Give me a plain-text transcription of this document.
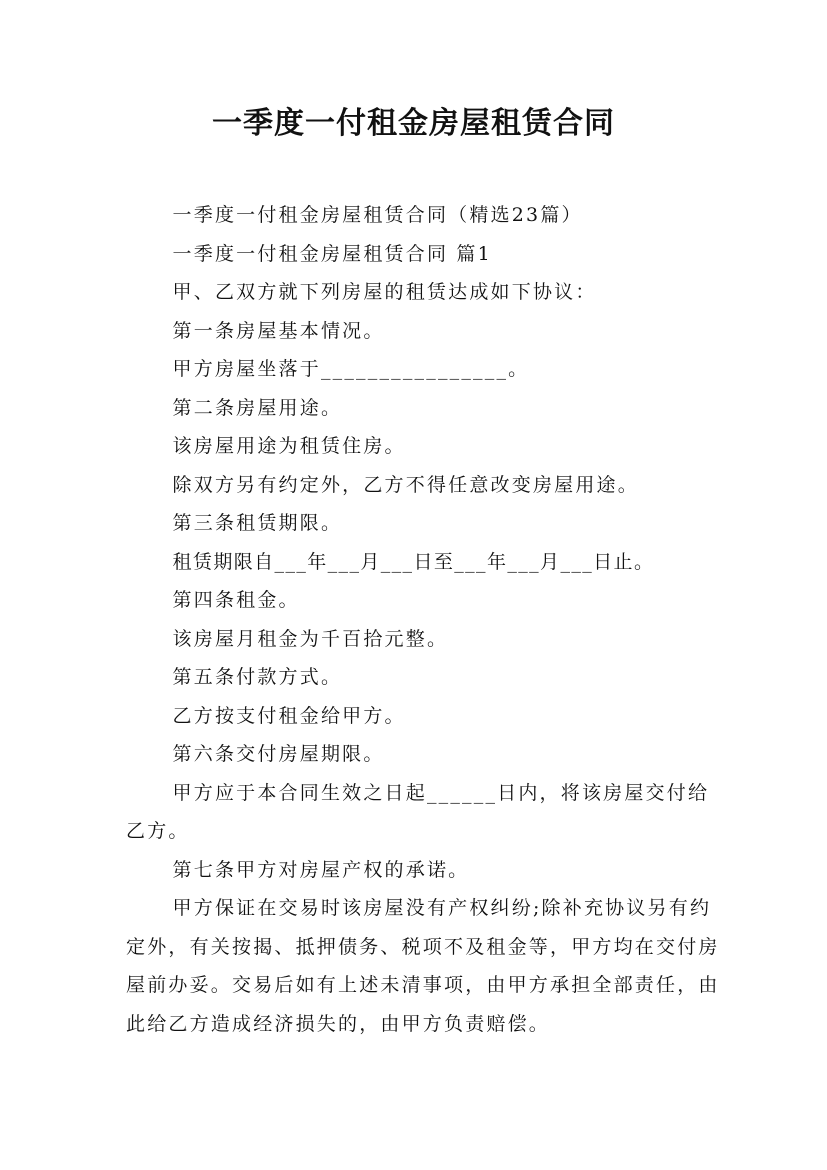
一季度一付租金房屋租赁合同

一季度一付租金房屋租赁合同（精选23篇）

一季度一付租金房屋租赁合同 篇1

甲、乙双方就下列房屋的租赁达成如下协议：

第一条房屋基本情况。

甲方房屋坐落于________________。

第二条房屋用途。

该房屋用途为租赁住房。

除双方另有约定外，乙方不得任意改变房屋用途。

第三条租赁期限。

租赁期限自___年___月___日至___年___月___日止。

第四条租金。

该房屋月租金为千百拾元整。

第五条付款方式。

乙方按支付租金给甲方。

第六条交付房屋期限。

甲方应于本合同生效之日起______日内，将该房屋交付给乙方。

第七条甲方对房屋产权的承诺。

甲方保证在交易时该房屋没有产权纠纷;除补充协议另有约定外，有关按揭、抵押债务、税项不及租金等，甲方均在交付房屋前办妥。交易后如有上述未清事项，由甲方承担全部责任，由此给乙方造成经济损失的，由甲方负责赔偿。
